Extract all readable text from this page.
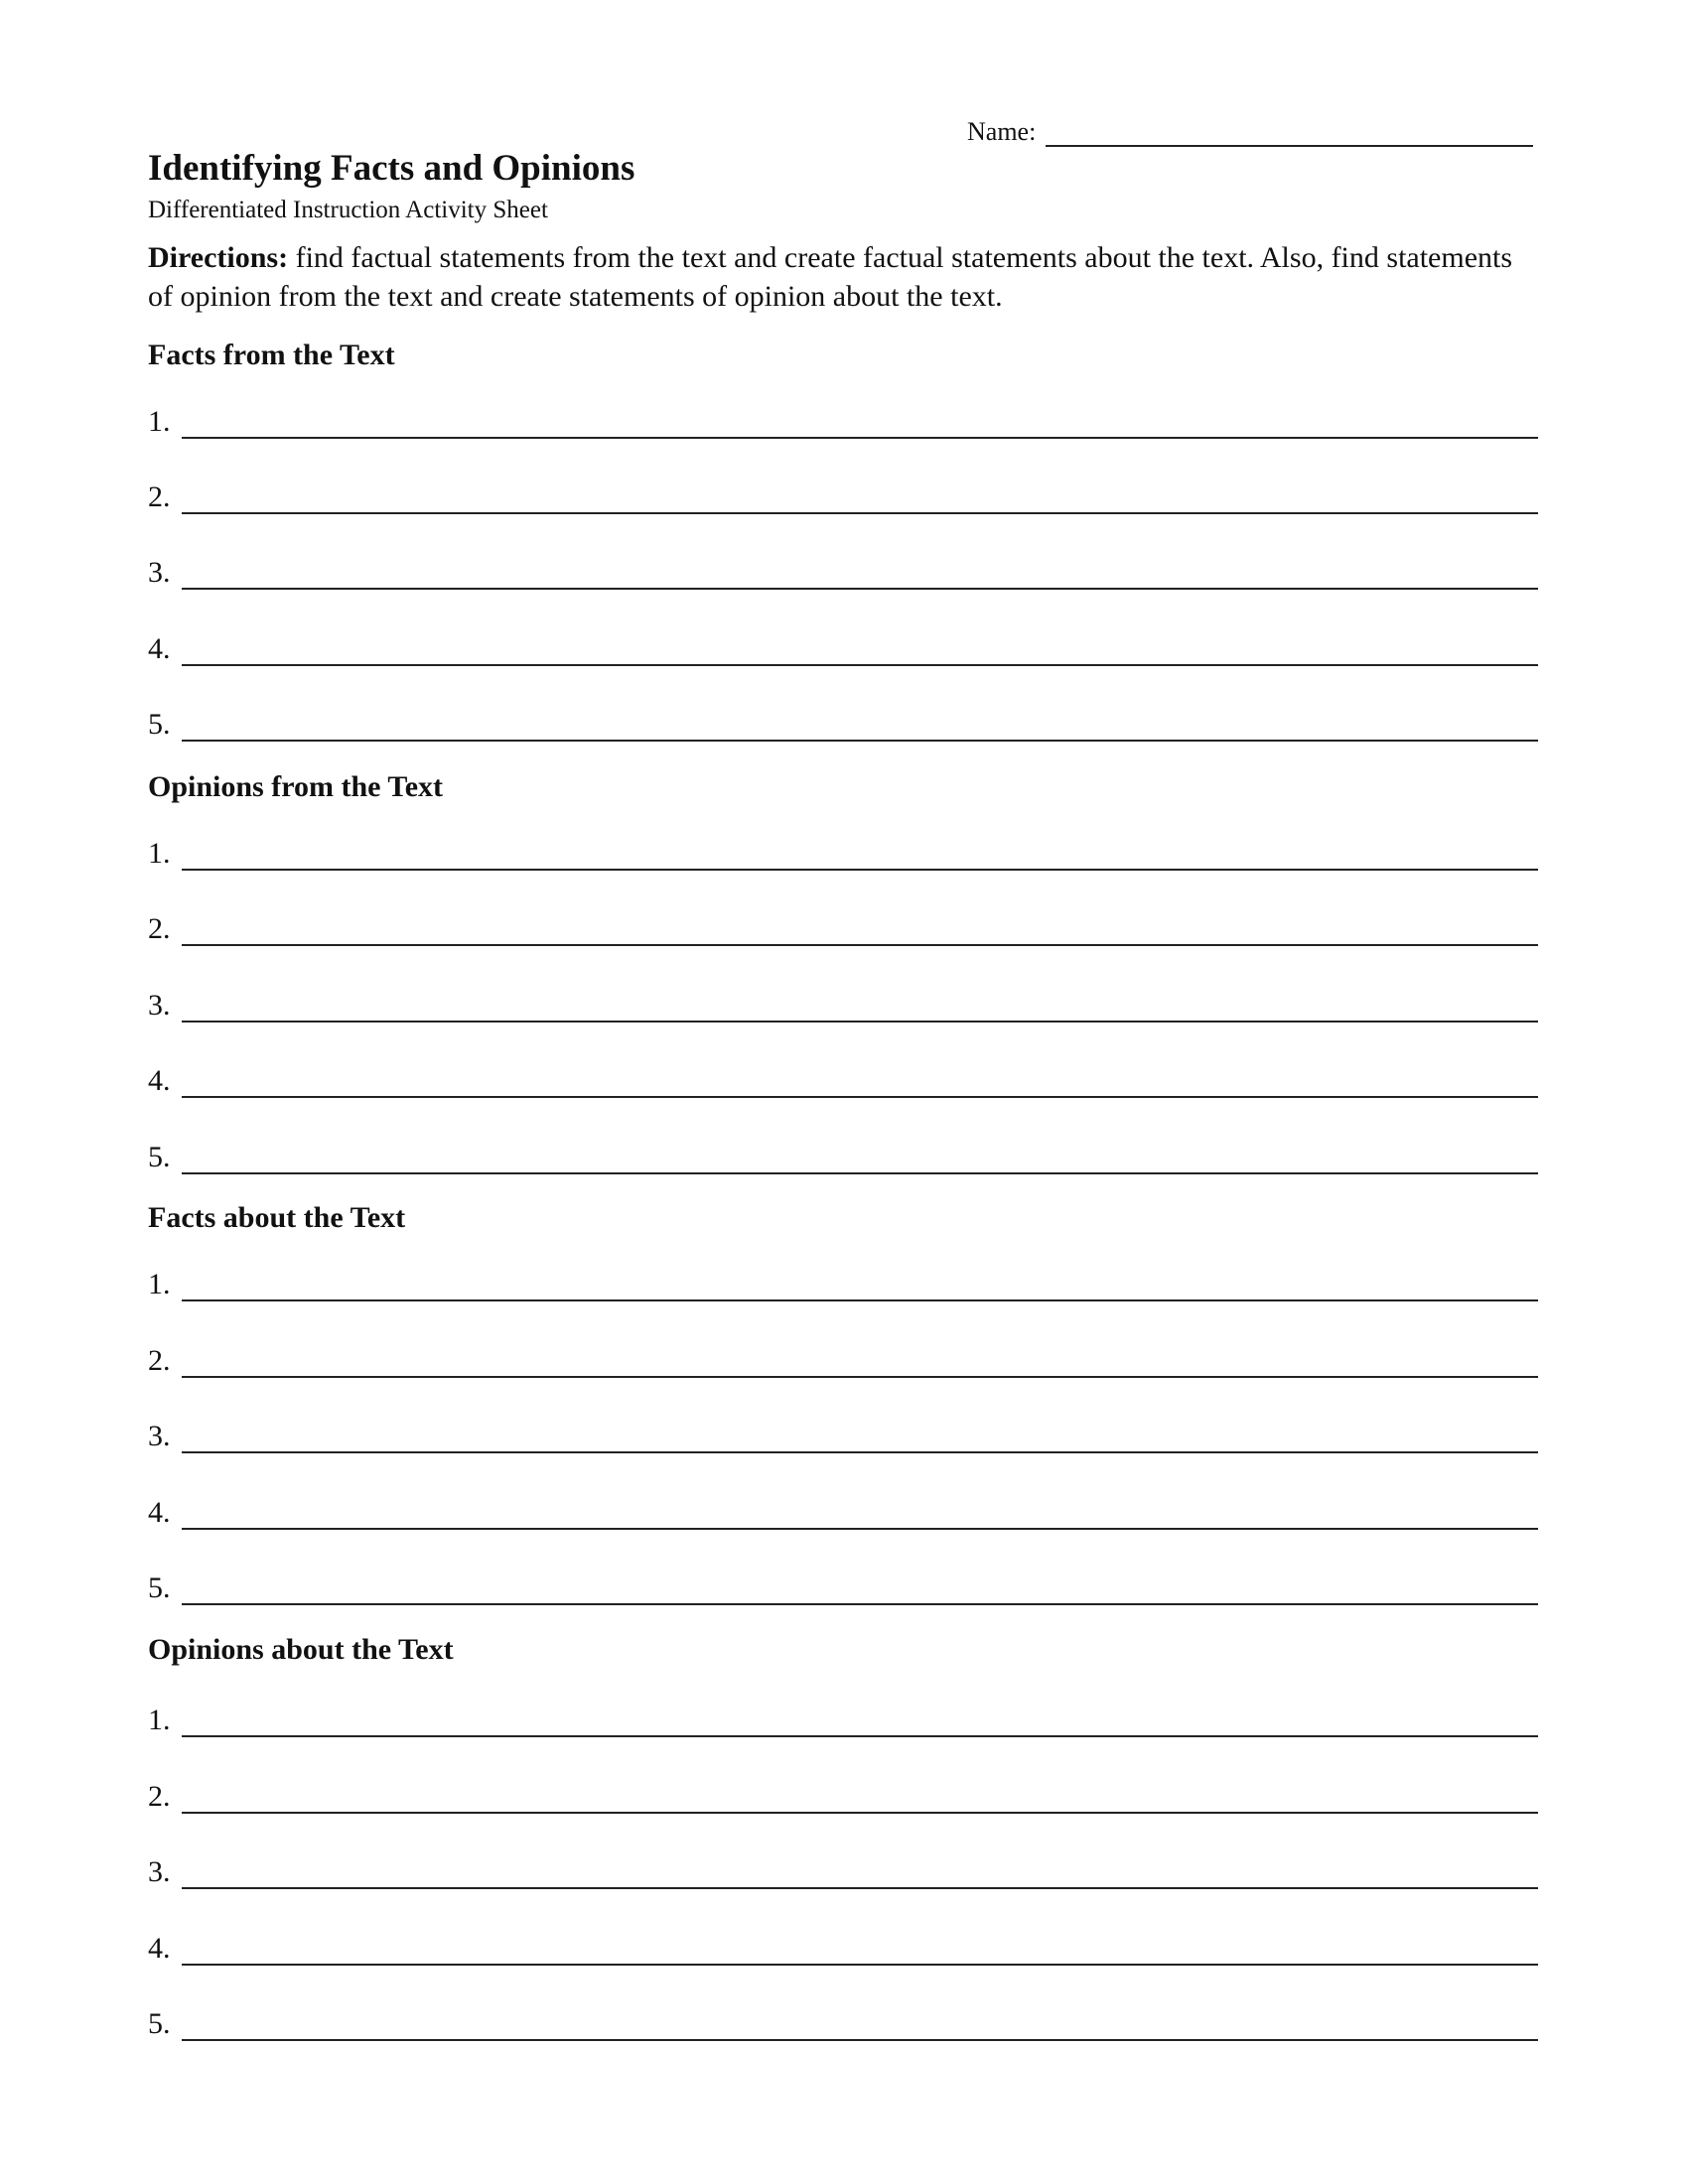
Name:
Identifying Facts and Opinions
Differentiated Instruction Activity Sheet
Directions: find factual statements from the text and create factual statements about the text. Also, find statements of opinion from the text and create statements of opinion about the text.
Facts from the Text
1.
2.
3.
4.
5.
Opinions from the Text
1.
2.
3.
4.
5.
Facts about the Text
1.
2.
3.
4.
5.
Opinions about the Text
1.
2.
3.
4.
5.
